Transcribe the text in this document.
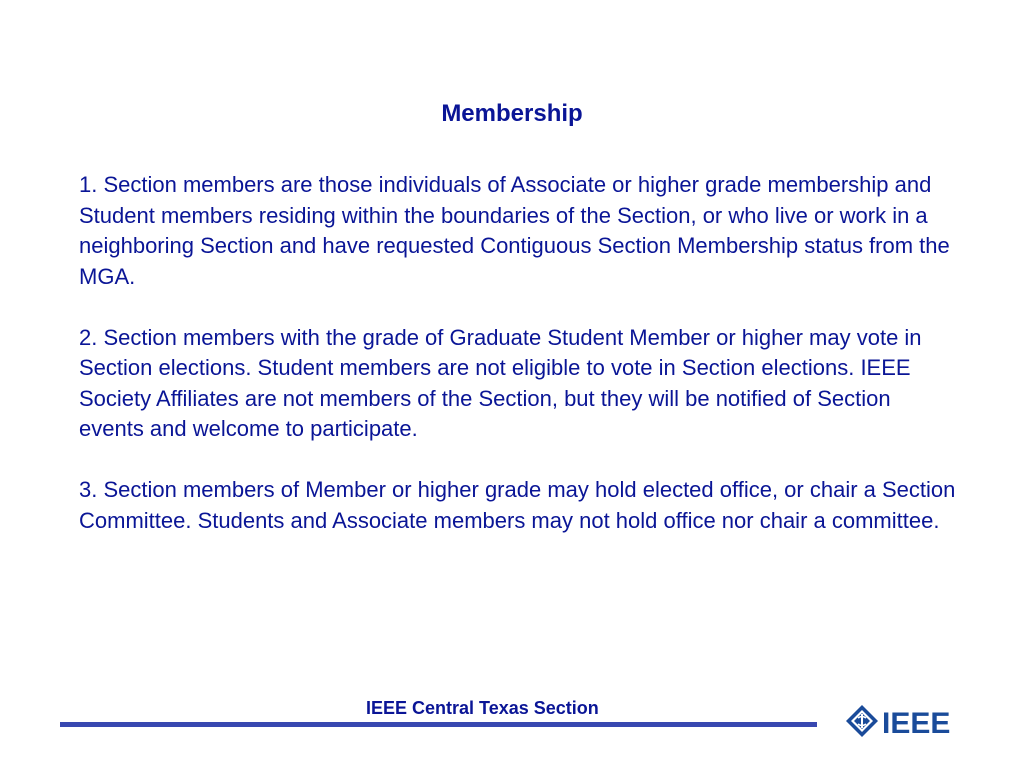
Membership

1. Section members are those individuals of Associate or higher grade membership and Student members residing within the boundaries of the Section, or who live or work in a neighboring Section and have requested Contiguous Section Membership status from the MGA.

2. Section members with the grade of Graduate Student Member or higher may vote in Section elections. Student members are not eligible to vote in Section elections. IEEE Society Affiliates are not members of the Section, but they will be notified of Section events and welcome to participate.

3. Section members of Member or higher grade may hold elected office, or chair a Section Committee. Students and Associate members may not hold office nor chair a committee.

IEEE Central Texas Section	IEEE
